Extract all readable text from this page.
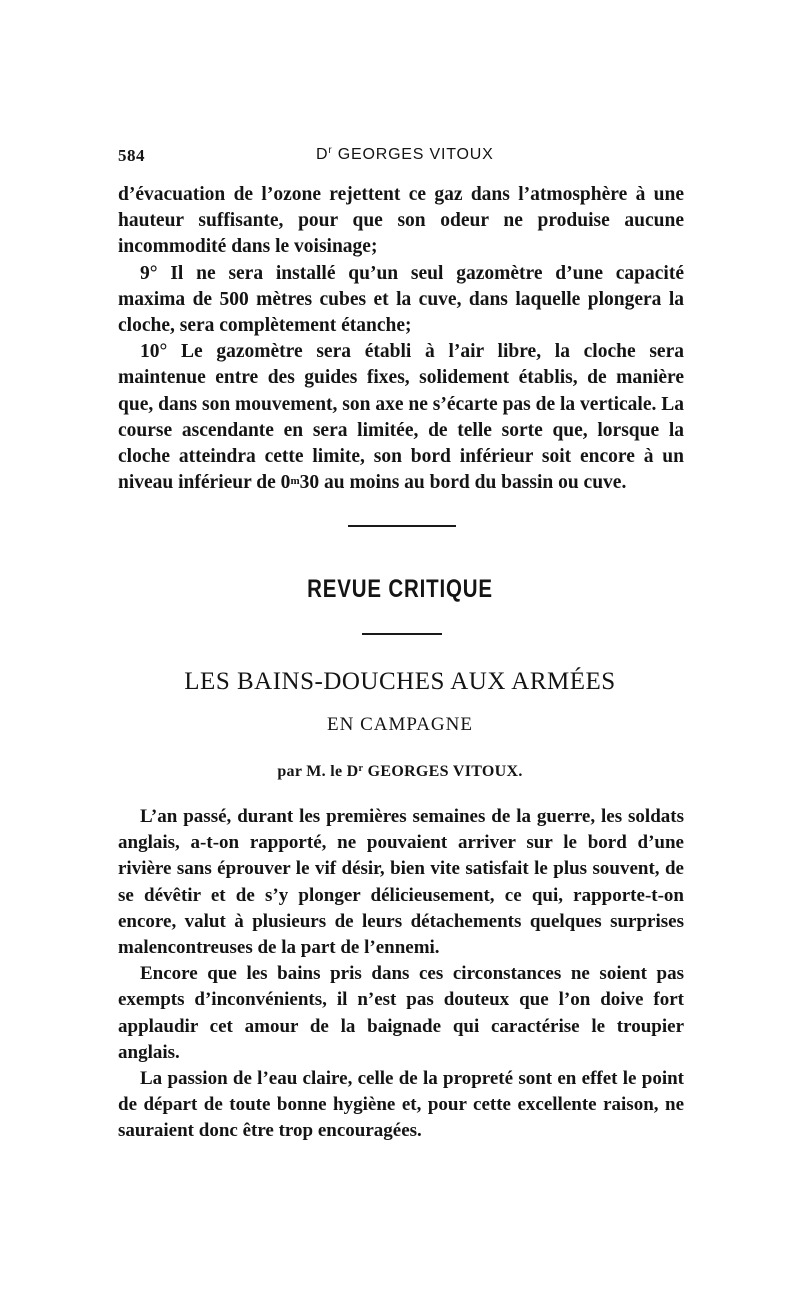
584	$D^r$ GEORGES VITOUX

d’évacuation de l’ozone rejettent ce gaz dans l’atmosphère à une hauteur suffisante, pour que son odeur ne produise aucune incommodité dans le voisinage;

9° Il ne sera installé qu’un seul gazomètre d’une capacité maxima de 500 mètres cubes et la cuve, dans laquelle plongera la cloche, sera complètement étanche;

10° Le gazomètre sera établi à l’air libre, la cloche sera maintenue entre des guides fixes, solidement établis, de manière que, dans son mouvement, son axe ne s’écarte pas de la verticale. La course ascendante en sera limitée, de telle sorte que, lorsque la cloche atteindra cette limite, son bord inférieur soit encore à un niveau inférieur de 0$^m$30 au moins au bord du bassin ou cuve.

REVUE CRITIQUE
LES BAINS-DOUCHES AUX ARMÉES
EN CAMPAGNE
par M. le $D^r$ GEORGES VITOUX.

L’an passé, durant les premières semaines de la guerre, les soldats anglais, a-t-on rapporté, ne pouvaient arriver sur le bord d’une rivière sans éprouver le vif désir, bien vite satisfait le plus souvent, de se dévêtir et de s’y plonger délicieusement, ce qui, rapporte-t-on encore, valut à plusieurs de leurs détachements quelques surprises malencontreuses de la part de l’ennemi.

Encore que les bains pris dans ces circonstances ne soient pas exempts d’inconvénients, il n’est pas douteux que l’on doive fort applaudir cet amour de la baignade qui caractérise le troupier anglais.

La passion de l’eau claire, celle de la propreté sont en effet le point de départ de toute bonne hygiène et, pour cette excellente raison, ne sauraient donc être trop encouragées.
